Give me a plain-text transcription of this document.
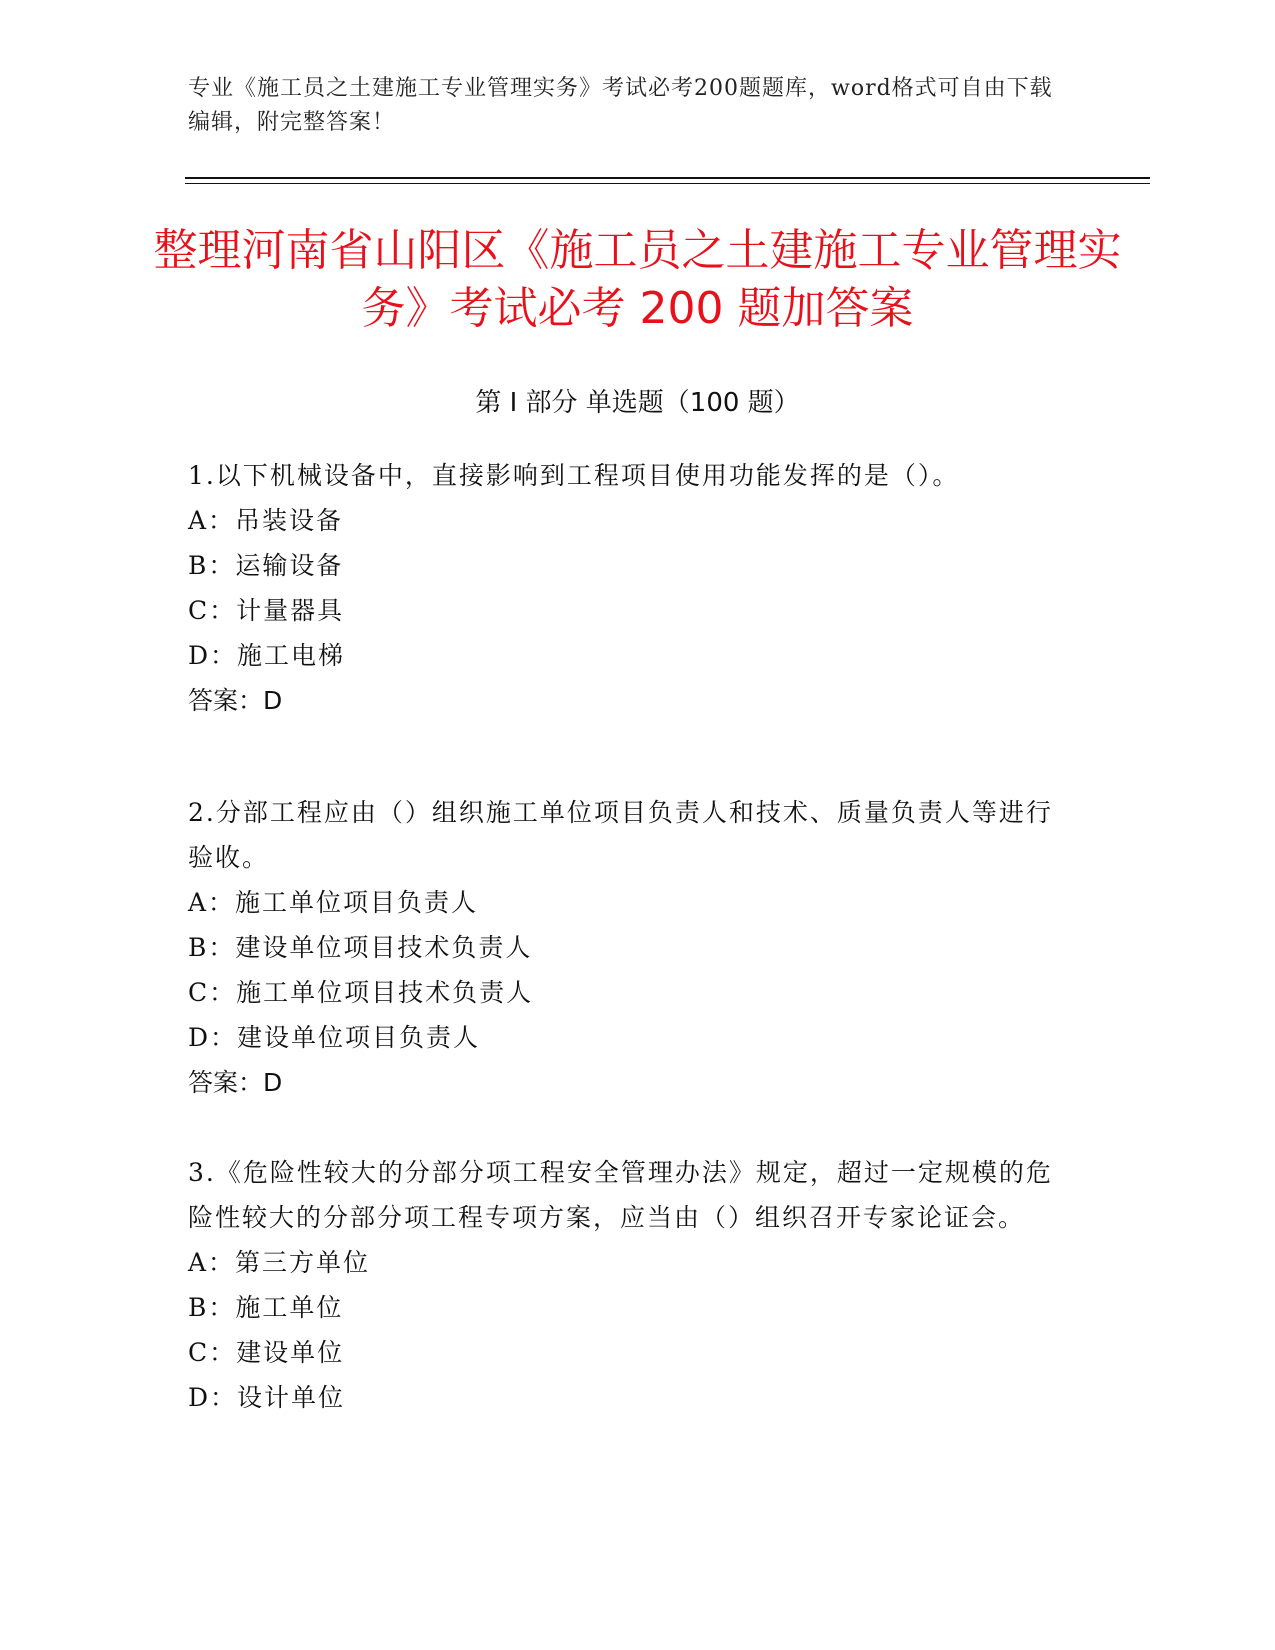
专业《施工员之土建施工专业管理实务》考试必考200题题库，word格式可自由下载编辑，附完整答案！
整理河南省山阳区《施工员之土建施工专业管理实务》考试必考 200 题加答案
第 I 部分 单选题（100 题）

1.以下机械设备中，直接影响到工程项目使用功能发挥的是（）。

A：吊装设备

B：运输设备

C：计量器具

D：施工电梯

答案：D

2.分部工程应由（）组织施工单位项目负责人和技术、质量负责人等进行验收。

A：施工单位项目负责人

B：建设单位项目技术负责人

C：施工单位项目技术负责人

D：建设单位项目负责人

答案：D

3.《危险性较大的分部分项工程安全管理办法》规定，超过一定规模的危险性较大的分部分项工程专项方案，应当由（）组织召开专家论证会。

A：第三方单位

B：施工单位

C：建设单位

D：设计单位
